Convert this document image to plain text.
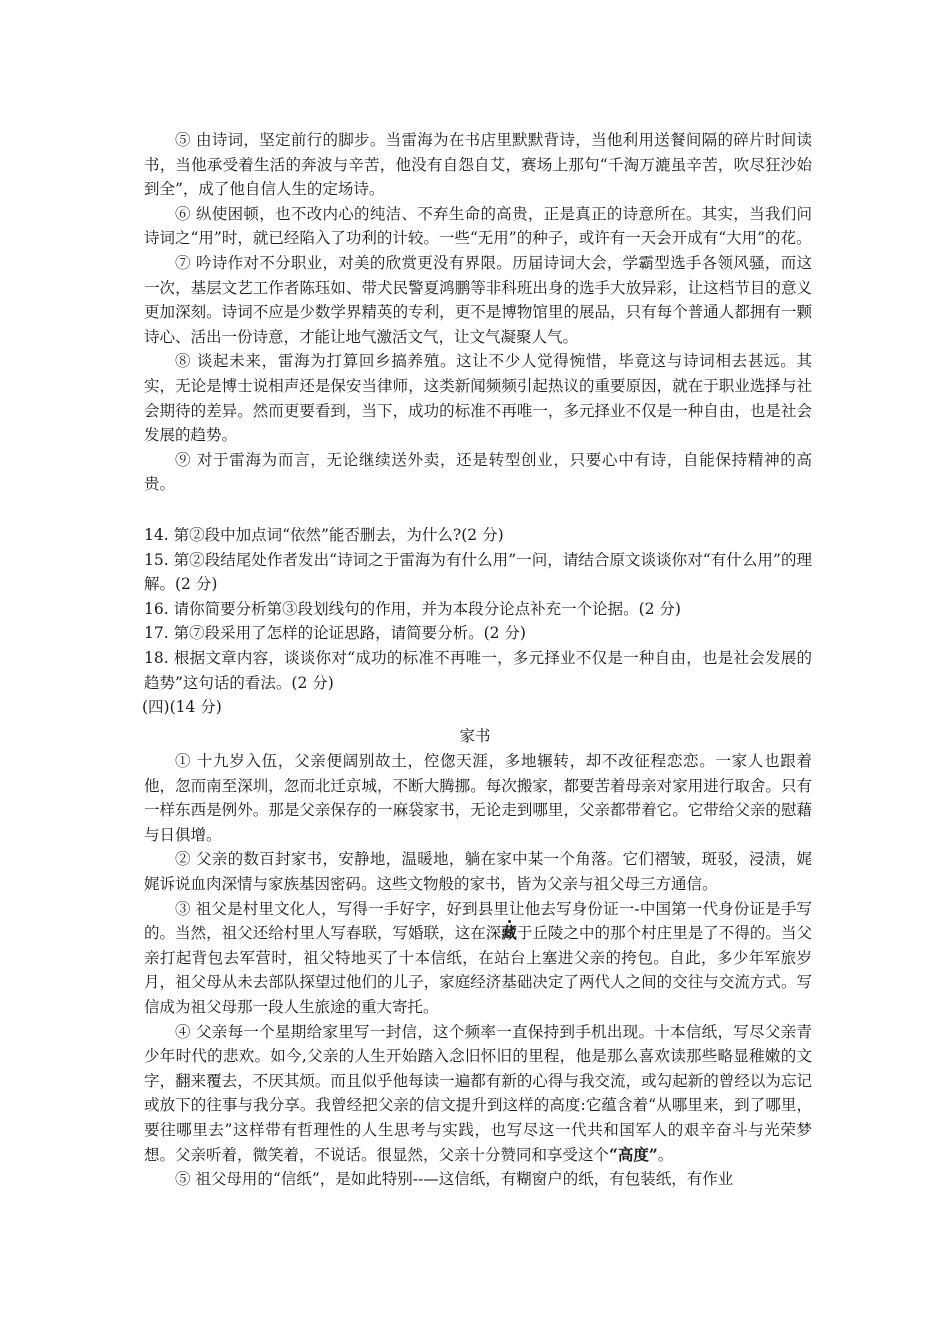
⑤ 由诗词，坚定前行的脚步。当雷海为在书店里默默背诗，当他利用送餐间隔的碎片时间读书，当他承受着生活的奔波与辛苦，他没有自怨自艾，赛场上那句“千淘万漉虽辛苦，吹尽狂沙始到全”，成了他自信人生的定场诗。

⑥ 纵使困顿，也不改内心的纯洁、不弃生命的高贵，正是真正的诗意所在。其实，当我们问诗词之“用”时，就已经陷入了功利的计较。一些“无用”的种子，或许有一天会开成有“大用”的花。

⑦ 吟诗作对不分职业，对美的欣赏更没有界限。历届诗词大会，学霸型选手各领风骚，而这一次，基层文艺工作者陈珏如、带犬民警夏鸿鹏等非科班出身的选手大放异彩，让这档节目的意义更加深刻。诗词不应是少数学界精英的专利，更不是博物馆里的展品，只有每个普通人都拥有一颗诗心、活出一份诗意，才能让地气激活文气，让文气凝聚人气。

⑧ 谈起未来，雷海为打算回乡搞养殖。这让不少人觉得惋惜，毕竟这与诗词相去甚远。其实，无论是博士说相声还是保安当律师，这类新闻频频引起热议的重要原因，就在于职业选择与社会期待的差异。然而更要看到，当下，成功的标准不再唯一，多元择业不仅是一种自由，也是社会发展的趋势。

⑨ 对于雷海为而言，无论继续送外卖，还是转型创业，只要心中有诗，自能保持精神的高贵。

14. 第②段中加点词“依然”能否删去，为什么?(2 分)

15. 第②段结尾处作者发出“诗词之于雷海为有什么用”一问，请结合原文谈谈你对“有什么用”的理解。(2 分)

16. 请你简要分析第③段划线句的作用，并为本段分论点补充一个论据。(2 分)

17. 第⑦段采用了怎样的论证思路，请简要分析。(2 分)

18. 根据文章内容，谈谈你对“成功的标准不再唯一，多元择业不仅是一种自由，也是社会发展的趋势”这句话的看法。(2 分)

(四)(14 分)

家书

① 十九岁入伍，父亲便阔别故土，倥偬天涯，多地辗转，却不改征程恋恋。一家人也跟着他，忽而南至深圳，忽而北迁京城，不断大腾挪。每次搬家，都要苦着母亲对家用进行取舍。只有一样东西是例外。那是父亲保存的一麻袋家书，无论走到哪里，父亲都带着它。它带给父亲的慰藉与日俱增。

② 父亲的数百封家书，安静地，温暖地，躺在家中某一个角落。它们褶皱，斑驳，浸渍，娓娓诉说血肉深情与家族基因密码。这些文物般的家书，皆为父亲与祖父母三方通信。

③ 祖父是村里文化人，写得一手好字，好到县里让他去写身份证一-中国第一代身份证是手写的。当然，祖父还给村里人写春联，写婚联，这在深藏于丘陵之中的那个村庄里是了不得的。当父亲打起背包去军营时，祖父特地买了十本信纸，在站台上塞进父亲的挎包。自此，多少年军旅岁月，祖父母从未去部队探望过他们的儿子，家庭经济基础决定了两代人之间的交往与交流方式。写信成为祖父母那一段人生旅途的重大寄托。

④ 父亲每一个星期给家里写一封信，这个频率一直保持到手机出现。十本信纸，写尽父亲青少年时代的悲欢。如今,父亲的人生开始踏入念旧怀旧的里程，他是那么喜欢读那些略显稚嫩的文字，翻来覆去，不厌其烦。而且似乎他每读一遍都有新的心得与我交流，或勾起新的曾经以为忘记或放下的往事与我分享。我曾经把父亲的信文提升到这样的高度:它蕴含着“从哪里来，到了哪里，要往哪里去”这样带有哲理性的人生思考与实践，也写尽这一代共和国军人的艰辛奋斗与光荣梦想。父亲听着，微笑着，不说话。很显然，父亲十分赞同和享受这个“高度”。

⑤ 祖父母用的“信纸”，是如此特别--—这信纸，有糊窗户的纸，有包装纸，有作业
